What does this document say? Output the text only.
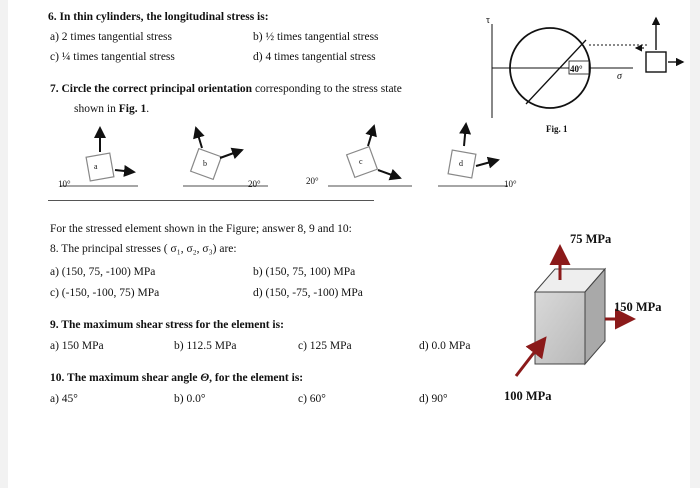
6. In thin cylinders, the longitudinal stress is:
a) 2 times tangential stress	b) ½ times tangential stress
c) ¼ times tangential stress	d) 4 times tangential stress
7. Circle the correct principal orientation corresponding to the stress state
shown in Fig. 1.
τ
σ
40°
Fig. 1
a	b	c	d
10°	20°	20°	10°
For the stressed element shown in the Figure; answer 8, 9 and 10:
8. The principal stresses ( σ₁, σ₂, σ₃) are:
a) (150, 75, -100) MPa	b) (150, 75, 100) MPa
c) (-150, -100, 75) MPa	d) (150, -75, -100) MPa
9. The maximum shear stress for the element is:
a) 150 MPa	b) 112.5 MPa	c) 125 MPa	d) 0.0 MPa
10. The maximum shear angle Θ, for the element is:
a) 45°	b) 0.0°	c) 60°	d) 90°
75 MPa
150 MPa
100 MPa
